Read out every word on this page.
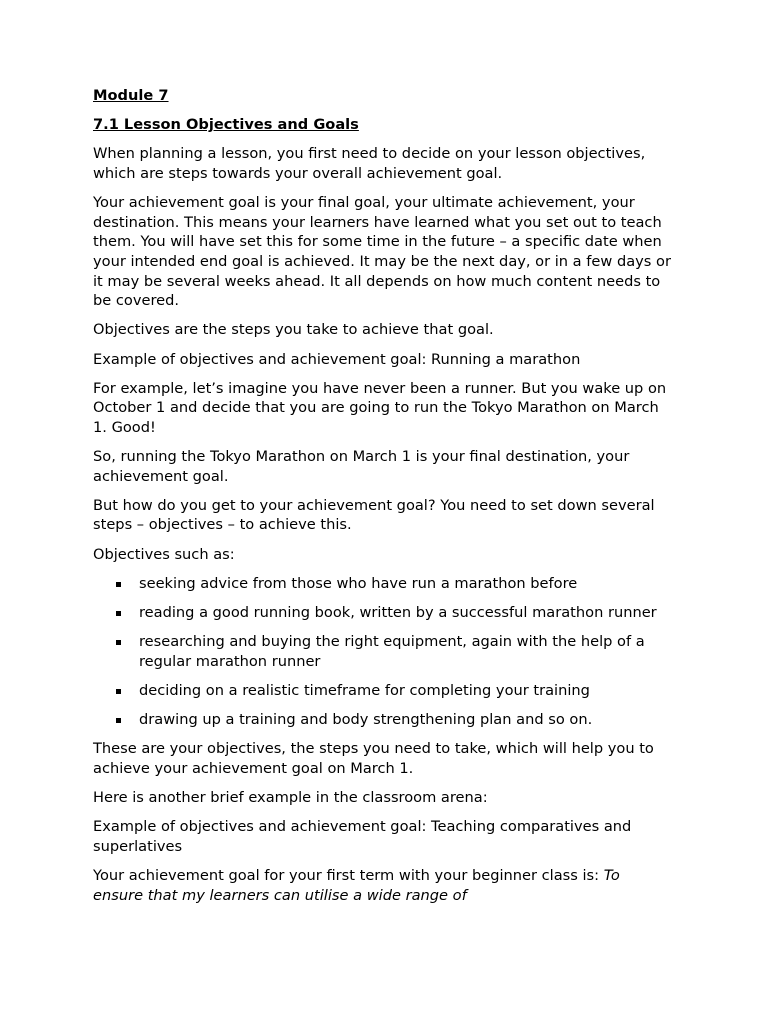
Module 7
7.1 Lesson Objectives and Goals

When planning a lesson, you first need to decide on your lesson objectives, which are steps towards your overall achievement goal.

Your achievement goal is your final goal, your ultimate achievement, your destination. This means your learners have learned what you set out to teach them. You will have set this for some time in the future – a specific date when your intended end goal is achieved. It may be the next day, or in a few days or it may be several weeks ahead. It all depends on how much content needs to be covered.

Objectives are the steps you take to achieve that goal.

Example of objectives and achievement goal: Running a marathon

For example, let’s imagine you have never been a runner. But you wake up on October 1 and decide that you are going to run the Tokyo Marathon on March 1. Good!

So, running the Tokyo Marathon on March 1 is your final destination, your achievement goal.

But how do you get to your achievement goal? You need to set down several steps – objectives – to achieve this.

Objectives such as:

seeking advice from those who have run a marathon before
reading a good running book, written by a successful marathon runner
researching and buying the right equipment, again with the help of a regular marathon runner
deciding on a realistic timeframe for completing your training
drawing up a training and body strengthening plan and so on.

These are your objectives, the steps you need to take, which will help you to achieve your achievement goal on March 1.

Here is another brief example in the classroom arena:

Example of objectives and achievement goal: Teaching comparatives and superlatives

Your achievement goal for your first term with your beginner class is: To ensure that my learners can utilise a wide range of
